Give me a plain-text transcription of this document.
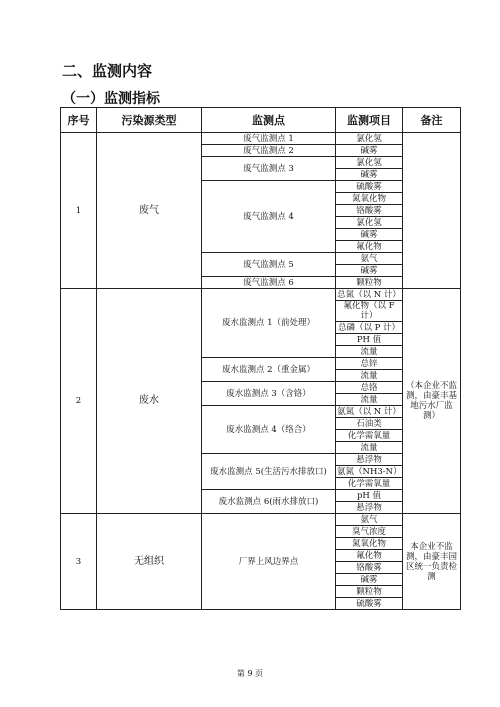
二、监测内容
（一）监测指标
序号	污染源类型	监测点	监测项目	备注
1	废气	废气监测点 1	氯化氢	
		废气监测点 2	碱雾	
		废气监测点 3	氯化氢	
			碱雾	
		废气监测点 4	硫酸雾	
			氮氧化物	
			铬酸雾	
			氯化氢	
			碱雾	
			氟化物	
		废气监测点 5	氨气	
			碱雾	
		废气监测点 6	颗粒物	
2	废水	废水监测点 1（前处理）	总氮（以 N 计）	（本企业不监测，由豪丰基地污水厂监测）
			氟化物（以 F 计）	
			总磷（以 P 计）	
			PH 值	
			流量	
		废水监测点 2（重金属）	总锌	
			流量	
		废水监测点 3（含铬）	总铬	
			流量	
		废水监测点 4（络合）	氨氮（以 N 计）	
			石油类	
			化学需氧量	
			流量	
		废水监测点 5(生活污水排放口)	悬浮物	
			氨氮（NH3-N）	
			化学需氧量	
		废水监测点 6(雨水排放口)	pH 值	
			悬浮物	
3	无组织	厂界上风边界点	氨气	本企业不监测，由豪丰园区统一负责检测
			臭气浓度	
			氮氧化物	
			氟化物	
			铬酸雾	
			碱雾	
			颗粒物	
			硫酸雾	
第 9 页
